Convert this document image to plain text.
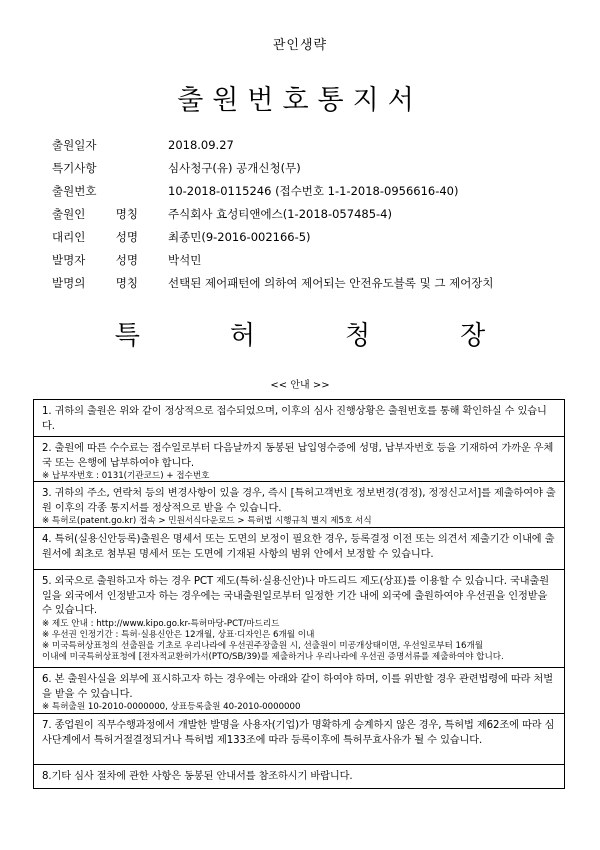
관인생략
출원번호통지서
출원일자	2018.09.27
특기사항	심사청구(유) 공개신청(무)
출원번호	10-2018-0115246 (접수번호 1-1-2018-0956616-40)
출원인 명칭	주식회사 효성티앤에스(1-2018-057485-4)
대리인 성명	최종민(9-2016-002166-5)
발명자 성명	박석민
발명의 명칭	선택된 제어패턴에 의하여 제어되는 안전유도블록 및 그 제어장치
특	허	청	장
<< 안내 >>

1. 귀하의 출원은 위와 같이 정상적으로 접수되었으며, 이후의 심사 진행상황은 출원번호를 통해 확인하실 수 있습니다.

2. 출원에 따른 수수료는 접수일로부터 다음날까지 동봉된 납입영수증에 성명, 납부자번호 등을 기재하여 가까운 우체국 또는 은행에 납부하여야 합니다.

※ 납부자번호 : 0131(기관코드) + 접수번호

3. 귀하의 주소, 연락처 등의 변경사항이 있을 경우, 즉시 [특허고객번호 정보변경(경정), 정정신고서]를 제출하여야 출원 이후의 각종 통지서를 정상적으로 받을 수 있습니다.

※ 특허로(patent.go.kr) 접속 > 민원서식다운로드 > 특허법 시행규칙 별지 제5호 서식

4. 특허(실용신안등록)출원은 명세서 또는 도면의 보정이 필요한 경우, 등록결정 이전 또는 의견서 제출기간 이내에 출원서에 최초로 첨부된 명세서 또는 도면에 기재된 사항의 범위 안에서 보정할 수 있습니다.

5. 외국으로 출원하고자 하는 경우 PCT 제도(특허·실용신안)나 마드리드 제도(상표)를 이용할 수 있습니다. 국내출원일을 외국에서 인정받고자 하는 경우에는 국내출원일로부터 일정한 기간 내에 외국에 출원하여야 우선권을 인정받을 수 있습니다.

※ 제도 안내 : http://www.kipo.go.kr-특허마당-PCT/마드리드

※ 우선권 인정기간 : 특허·실용신안은 12개월, 상표·디자인은 6개월 이내

※ 미국특허상표청의 선출원을 기초로 우리나라에 우선권주장출원 시, 선출원이 미공개상태이면, 우선일로부터 16개월

이내에 미국특허상표청에 [전자적교환허가서(PTO/SB/39)를 제출하거나 우리나라에 우선권 증명서류를 제출하여야 합니다.

6. 본 출원사실을 외부에 표시하고자 하는 경우에는 아래와 같이 하여야 하며, 이를 위반할 경우 관련법령에 따라 처벌을 받을 수 있습니다.

※ 특허출원 10-2010-0000000, 상표등록출원 40-2010-0000000

7. 종업원이 직무수행과정에서 개발한 발명을 사용자(기업)가 명확하게 승계하지 않은 경우, 특허법 제62조에 따라 심사단계에서 특허거절결정되거나 특허법 제133조에 따라 등록이후에 특허무효사유가 될 수 있습니다.

8.기타 심사 절차에 관한 사항은 동봉된 안내서를 참조하시기 바랍니다.
